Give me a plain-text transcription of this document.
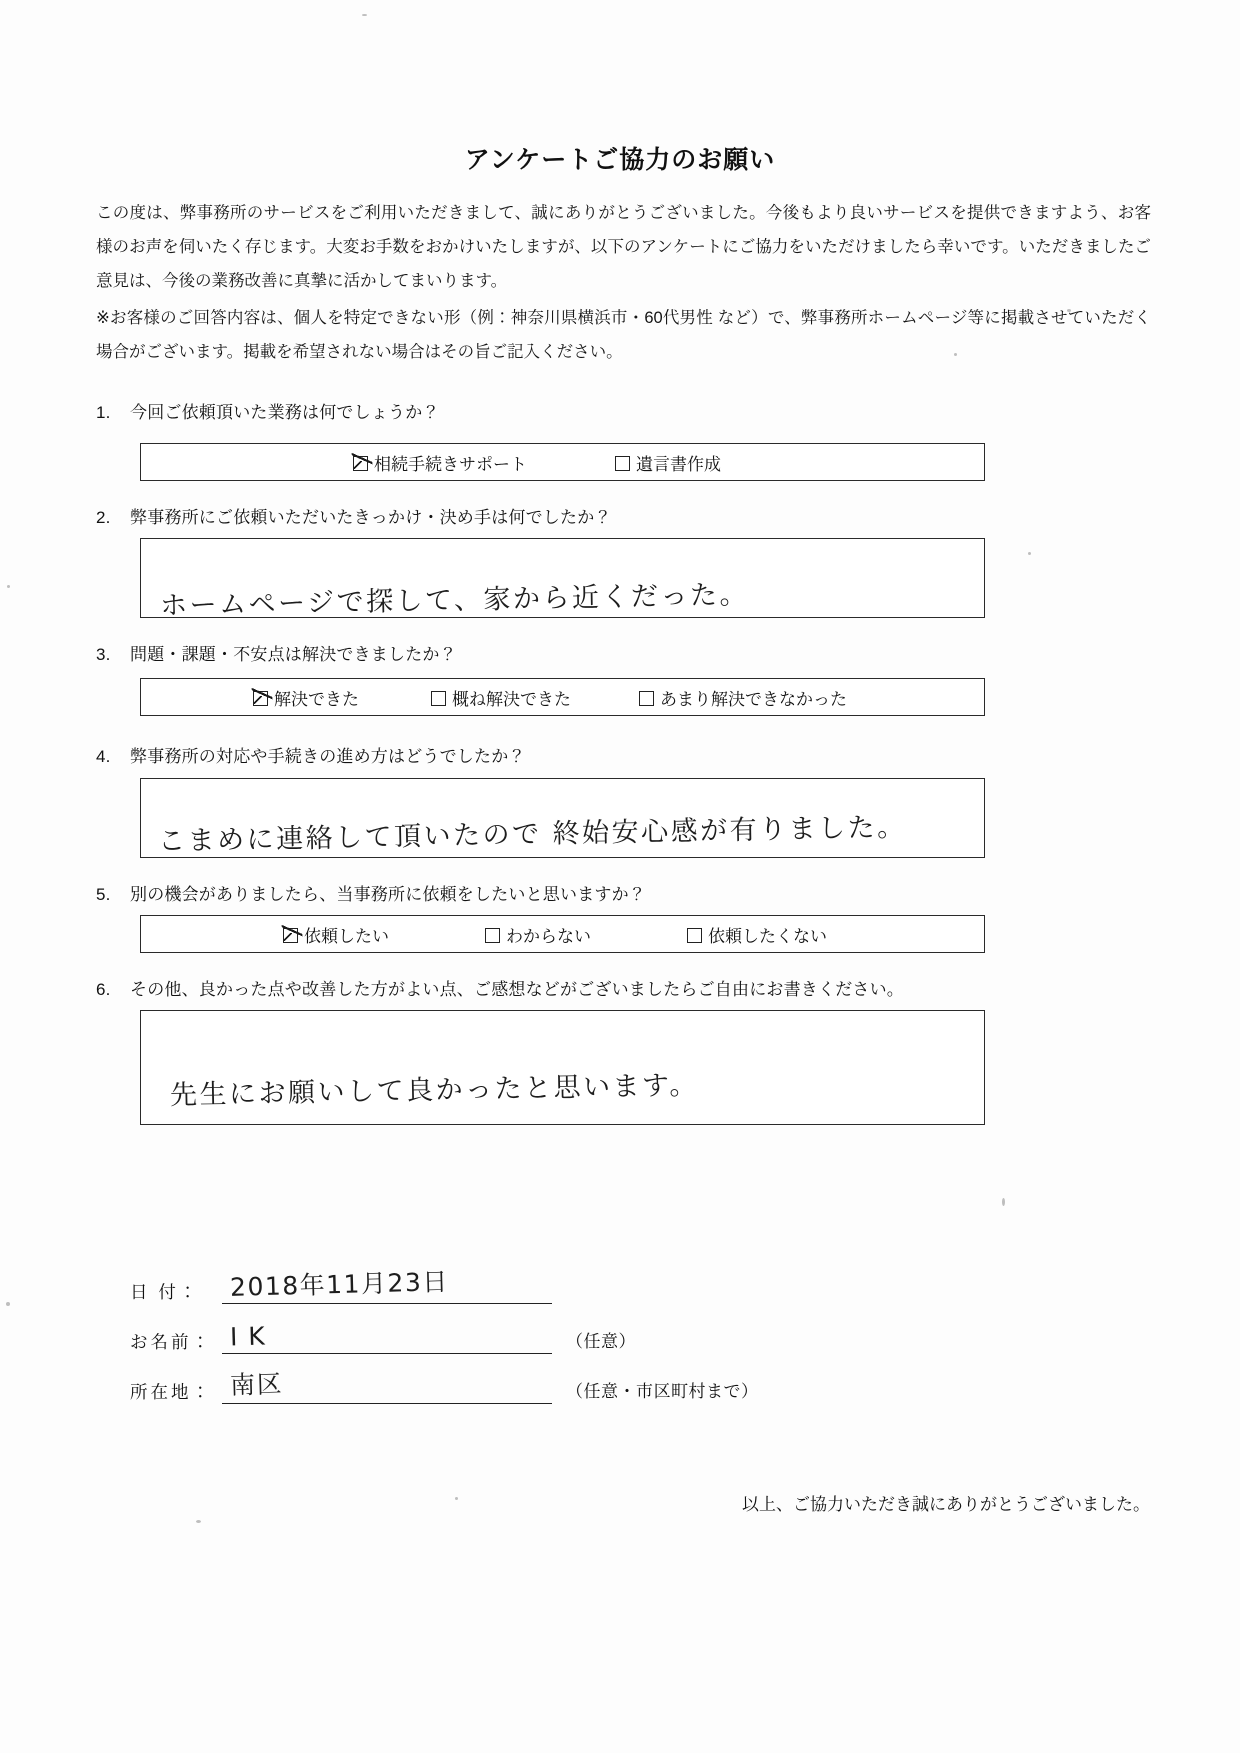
アンケートご協力のお願い

この度は、弊事務所のサービスをご利用いただきまして、誠にありがとうございました。今後もより良いサービスを提供できますよう、お客様のお声を伺いたく存じます。大変お手数をおかけいたしますが、以下のアンケートにご協力をいただけましたら幸いです。いただきましたご意見は、今後の業務改善に真摯に活かしてまいります。

※お客様のご回答内容は、個人を特定できない形（例：神奈川県横浜市・60代男性 など）で、弊事務所ホームページ等に掲載させていただく場合がございます。掲載を希望されない場合はその旨ご記入ください。

1. 今回ご依頼頂いた業務は何でしょうか？
相続手続きサポート	遺言書作成
2. 弊事務所にご依頼いただいたきっかけ・決め手は何でしたか？
ホームページで探して、家から近くだった。
3. 問題・課題・不安点は解決できましたか？
解決できた	概ね解決できた	あまり解決できなかった
4. 弊事務所の対応や手続きの進め方はどうでしたか？
こまめに連絡して頂いたので 終始安心感が有りました。
5. 別の機会がありましたら、当事務所に依頼をしたいと思いますか？
依頼したい	わからない	依頼したくない
6. その他、良かった点や改善した方がよい点、ご感想などがございましたらご自由にお書きください。
先生にお願いして良かったと思います。
日 付：	2018年11月23日
お名前： I K	（任意）
所在地： 南区	（任意・市区町村まで）
以上、ご協力いただき誠にありがとうございました。
